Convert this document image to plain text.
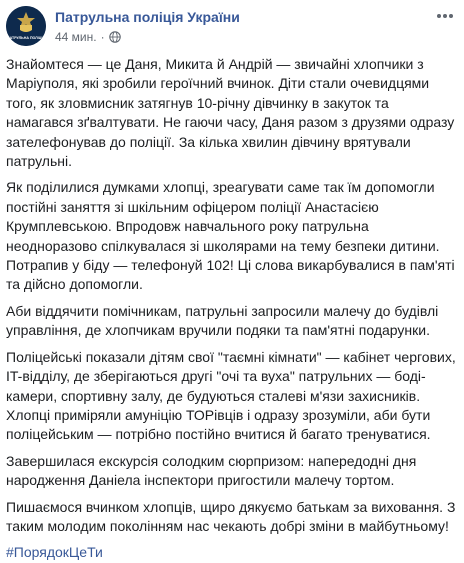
ПАТРУЛЬНА ПОЛІЦІЯ
Патрульна поліція України
44 мин. ·

Знайомтеся — це Даня, Микита й Андрій — звичайні хлопчики з
Маріуполя, які зробили героїчний вчинок. Діти стали очевидцями
того, як зловмисник затягнув 10-річну дівчинку в закуток та
намагався зґвалтувати. Не гаючи часу, Даня разом з друзями одразу
зателефонував до поліції. За кілька хвилин дівчину врятували
патрульні.

Як поділилися думками хлопці, зреагувати саме так їм допомогли
постійні заняття зі шкільним офіцером поліції Анастасією
Крумплевською. Впродовж навчального року патрульна
неодноразово спілкувалася зі школярами на тему безпеки дитини.
Потрапив у біду — телефонуй 102! Ці слова викарбувалися в пам'яті
та дійсно допомогли.

Аби віддячити помічникам, патрульні запросили малечу до будівлі
управління, де хлопчикам вручили подяки та пам'ятні подарунки.

Поліцейські показали дітям свої "таємні кімнати" — кабінет чергових,
IT-відділу, де зберігаються другі "очі та вуха" патрульних — боді-
камери, спортивну залу, де будуються сталеві м'язи захисників.
Хлопці приміряли амуніцію ТОРівців і одразу зрозуміли, аби бути
поліцейським — потрібно постійно вчитися й багато тренуватися.

Завершилася екскурсія солодким сюрпризом: напередодні дня
народження Даніела інспектори пригостили малечу тортом.

Пишаємося вчинком хлопців, щиро дякуємо батькам за виховання. З
таким молодим поколінням нас чекають добрі зміни в майбутньому!

#ПорядокЦеТи
